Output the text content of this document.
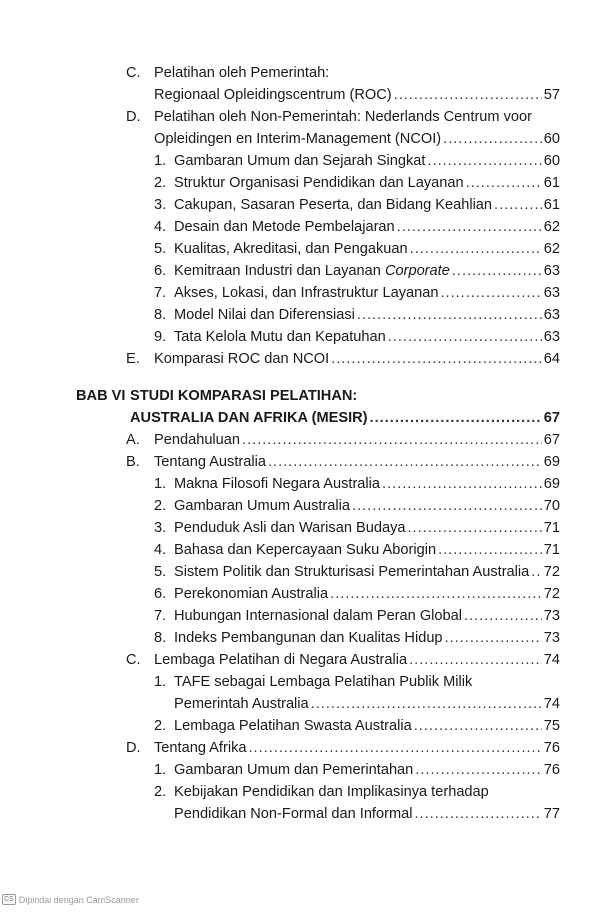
C. Pelatihan oleh Pemerintah:
Regionaal Opleidingscentrum (ROC) .....	57
D. Pelatihan oleh Non-Pemerintah: Nederlands Centrum voor
Opleidingen en Interim-Management (NCOI) .....	60
1. Gambaran Umum dan Sejarah Singkat .....	60
2. Struktur Organisasi Pendidikan dan Layanan .....	61
3. Cakupan, Sasaran Peserta, dan Bidang Keahlian .....	61
4. Desain dan Metode Pembelajaran .....	62
5. Kualitas, Akreditasi, dan Pengakuan .....	62
6. Kemitraan Industri dan Layanan Corporate .....	63
7. Akses, Lokasi, dan Infrastruktur Layanan .....	63
8. Model Nilai dan Diferensiasi .....	63
9. Tata Kelola Mutu dan Kepatuhan .....	63
E. Komparasi ROC dan NCOI .....	64
BAB VI STUDI KOMPARASI PELATIHAN:
AUSTRALIA DAN AFRIKA (MESIR) .....	67
A. Pendahuluan .....	67
B. Tentang Australia .....	69
1. Makna Filosofi Negara Australia .....	69
2. Gambaran Umum Australia .....	70
3. Penduduk Asli dan Warisan Budaya .....	71
4. Bahasa dan Kepercayaan Suku Aborigin .....	71
5. Sistem Politik dan Strukturisasi Pemerintahan Australia ..... 72
6. Perekonomian Australia .....	72
7. Hubungan Internasional dalam Peran Global .....	73
8. Indeks Pembangunan dan Kualitas Hidup .....	73
C. Lembaga Pelatihan di Negara Australia .....	74
1. TAFE sebagai Lembaga Pelatihan Publik Milik
Pemerintah Australia .....	74
2. Lembaga Pelatihan Swasta Australia .....	75
D. Tentang Afrika .....	76
1. Gambaran Umum dan Pemerintahan .....	76
2. Kebijakan Pendidikan dan Implikasinya terhadap
Pendidikan Non-Formal dan Informal .....	77
CS Dipindai dengan CamScanner
